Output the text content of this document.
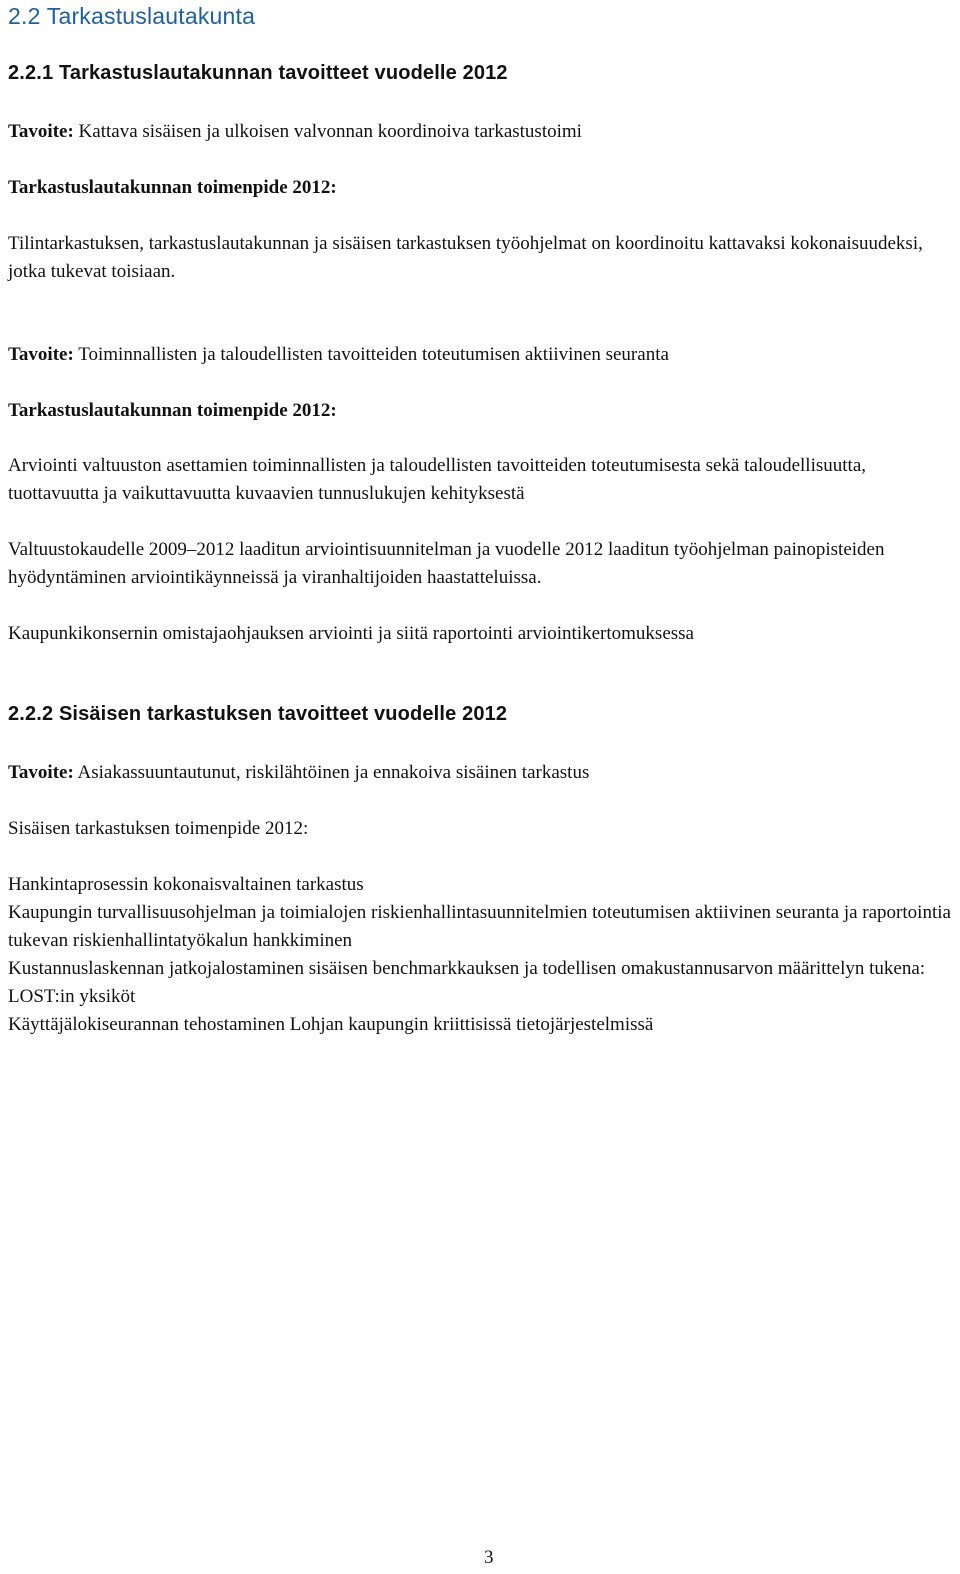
2.2 Tarkastuslautakunta
2.2.1 Tarkastuslautakunnan tavoitteet vuodelle 2012

Tavoite: Kattava sisäisen ja ulkoisen valvonnan koordinoiva tarkastustoimi

Tarkastuslautakunnan toimenpide 2012:

Tilintarkastuksen, tarkastuslautakunnan ja sisäisen tarkastuksen työohjelmat on koordinoitu kattavaksi kokonaisuudeksi, jotka tukevat toisiaan.

Tavoite: Toiminnallisten ja taloudellisten tavoitteiden toteutumisen aktiivinen seuranta

Tarkastuslautakunnan toimenpide 2012:

Arviointi valtuuston asettamien toiminnallisten ja taloudellisten tavoitteiden toteutumisesta sekä taloudellisuutta, tuottavuutta ja vaikuttavuutta kuvaavien tunnuslukujen kehityksestä

Valtuustokaudelle 2009–2012 laaditun arviointisuunnitelman ja vuodelle 2012 laaditun työohjelman painopisteiden hyödyntäminen arviointikäynneissä ja viranhaltijoiden haastatteluissa.

Kaupunkikonsernin omistajaohjauksen arviointi ja siitä raportointi arviointikertomuksessa

2.2.2 Sisäisen tarkastuksen tavoitteet vuodelle 2012

Tavoite: Asiakassuuntautunut, riskilähtöinen ja ennakoiva sisäinen tarkastus

Sisäisen tarkastuksen toimenpide 2012:

Hankintaprosessin kokonaisvaltainen tarkastus

Kaupungin turvallisuusohjelman ja toimialojen riskienhallintasuunnitelmien toteutumisen aktiivinen seuranta ja raportointia tukevan riskienhallintatyökalun hankkiminen

Kustannuslaskennan jatkojalostaminen sisäisen benchmarkkauksen ja todellisen omakustannusarvon määrittelyn tukena: LOST:in yksiköt

Käyttäjälokiseurannan tehostaminen Lohjan kaupungin kriittisissä tietojärjestelmissä

3
